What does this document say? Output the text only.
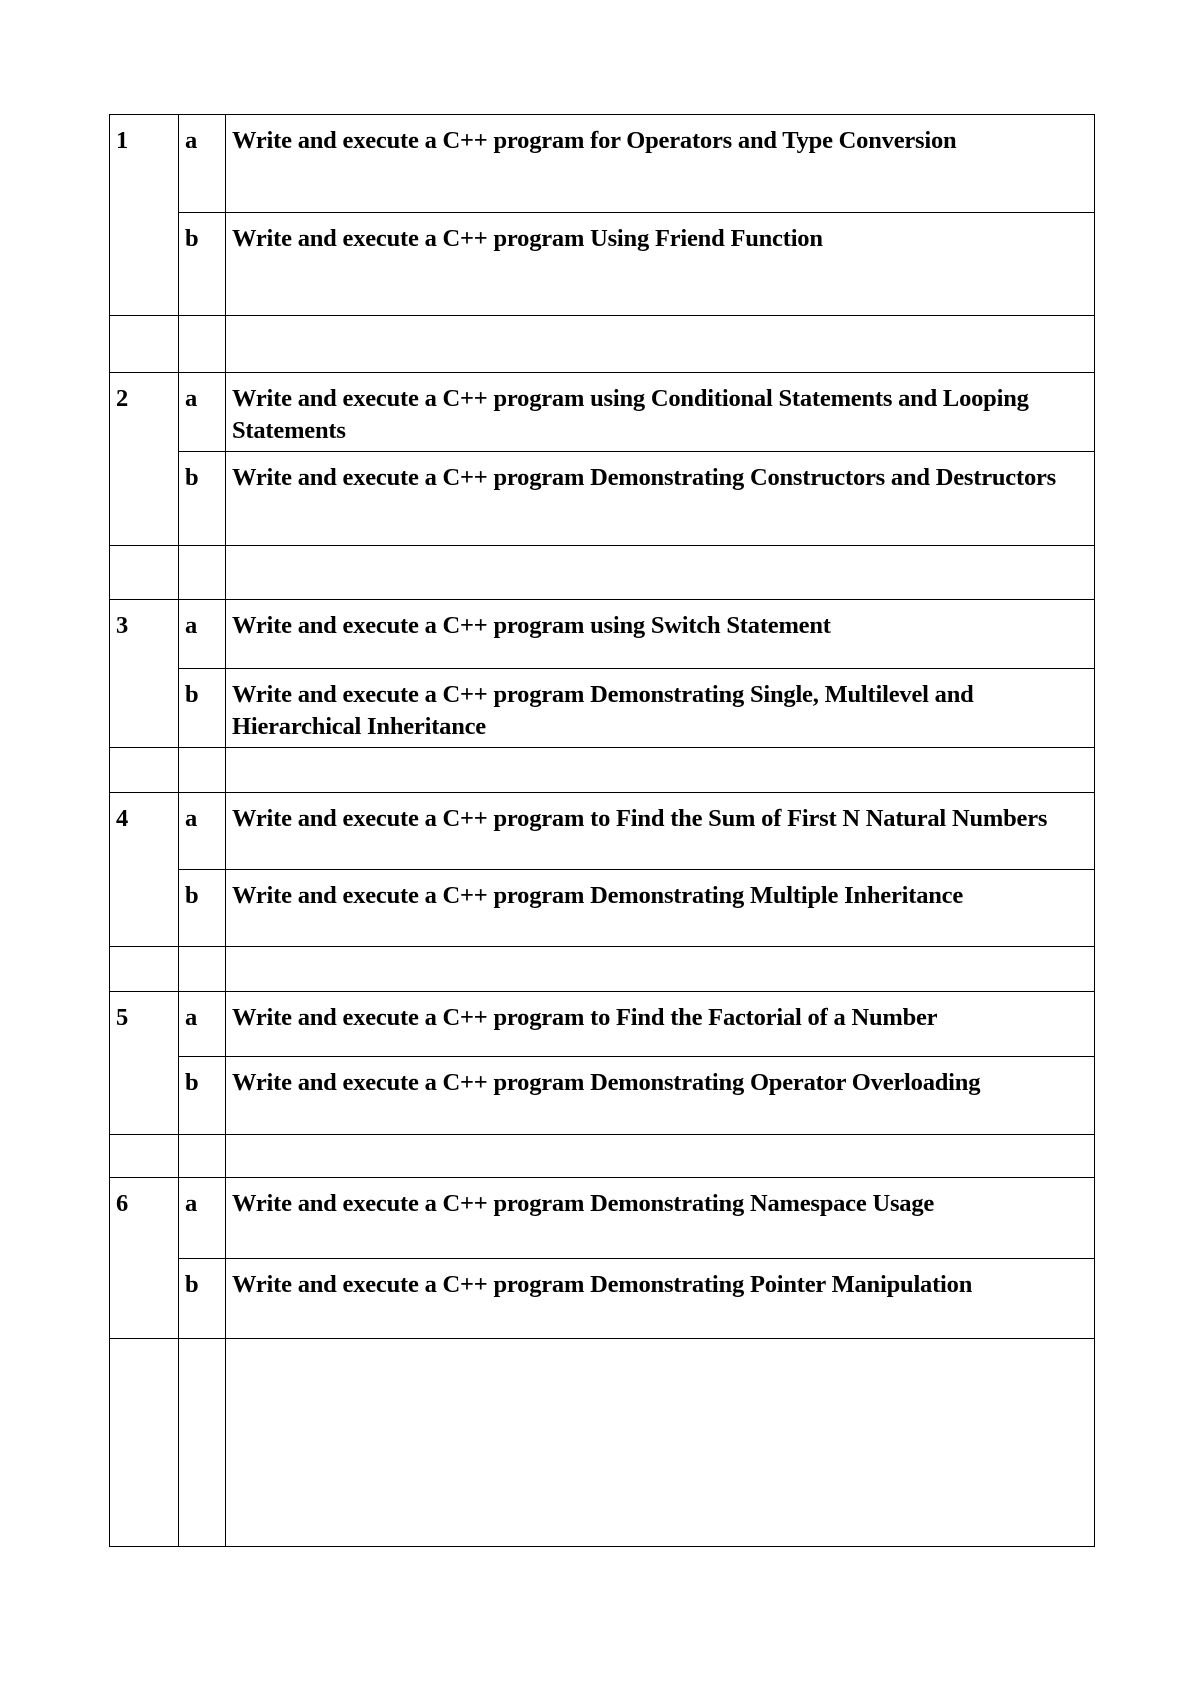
1	a	Write and execute a C++ program for Operators and Type Conversion
	b	Write and execute a C++ program Using Friend Function

2	a	Write and execute a C++ program using Conditional Statements and Looping Statements
	b	Write and execute a C++ program Demonstrating Constructors and Destructors

3	a	Write and execute a C++ program using Switch Statement
	b	Write and execute a C++ program Demonstrating Single, Multilevel and Hierarchical Inheritance

4	a	Write and execute a C++ program to Find the Sum of First N Natural Numbers
	b	Write and execute a C++ program Demonstrating Multiple Inheritance

5	a	Write and execute a C++ program to Find the Factorial of a Number
	b	Write and execute a C++ program Demonstrating Operator Overloading

6	a	Write and execute a C++ program Demonstrating Namespace Usage
	b	Write and execute a C++ program Demonstrating Pointer Manipulation
